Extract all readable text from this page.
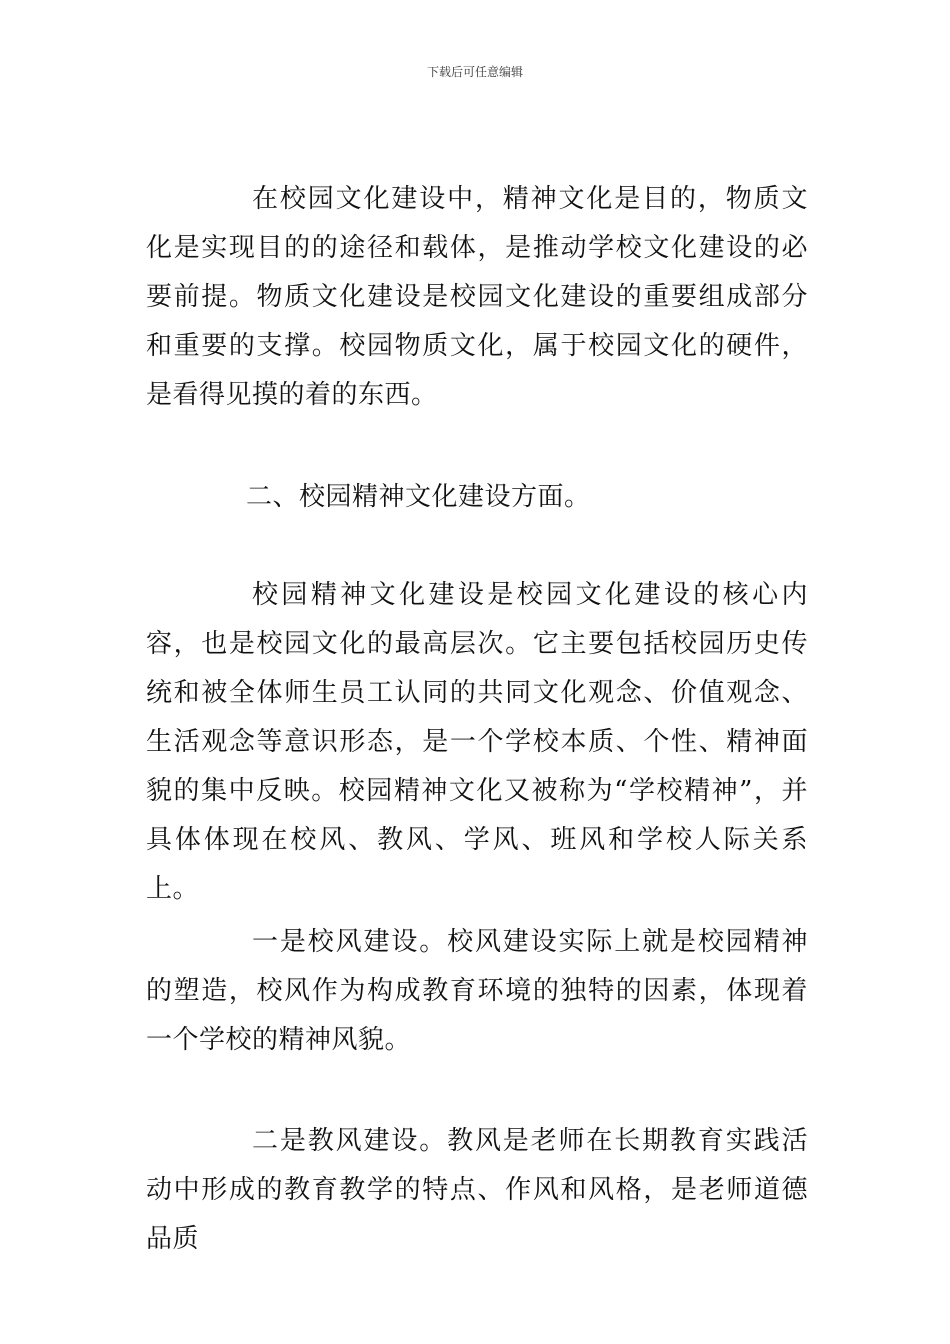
下载后可任意编辑

在校园文化建设中，精神文化是目的，物质文化是实现目的的途径和载体，是推动学校文化建设的必要前提。物质文化建设是校园文化建设的重要组成部分和重要的支撑。校园物质文化，属于校园文化的硬件，是看得见摸的着的东西。

二、校园精神文化建设方面。

校园精神文化建设是校园文化建设的核心内容，也是校园文化的最高层次。它主要包括校园历史传统和被全体师生员工认同的共同文化观念、价值观念、生活观念等意识形态，是一个学校本质、个性、精神面貌的集中反映。校园精神文化又被称为“学校精神”，并具体体现在校风、教风、学风、班风和学校人际关系上。

一是校风建设。校风建设实际上就是校园精神的塑造，校风作为构成教育环境的独特的因素，体现着一个学校的精神风貌。

二是教风建设。教风是老师在长期教育实践活动中形成的教育教学的特点、作风和风格，是老师道德品质
